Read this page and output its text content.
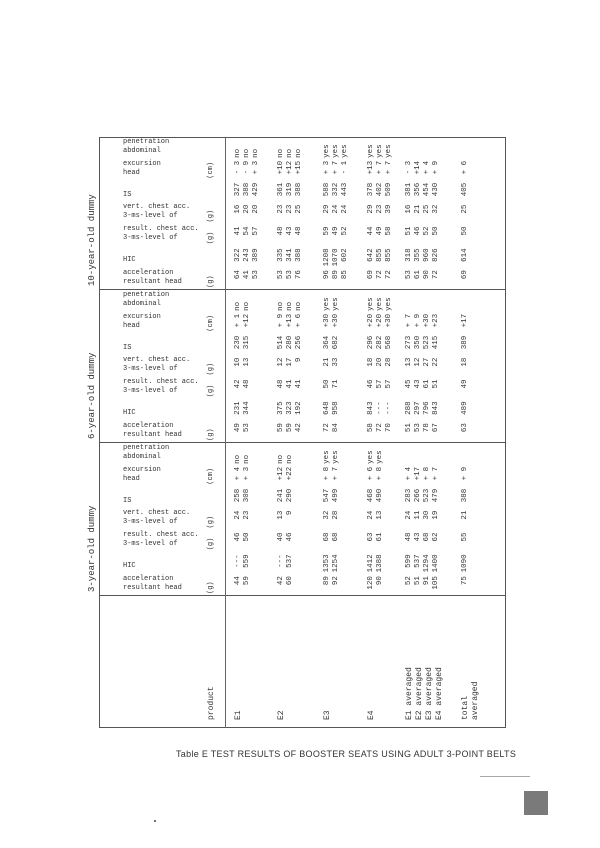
3-year-old dummy
6-year-old dummy
10-year-old dummy
product
(g)
resultant head
acceleration
HIC
(g)
3-ms-level of
result. chest acc.
(g)
3-ms-level of
vert. chest acc.
IS
(cm)
head
excursion
abdominal
penetration
(g)
resultant head
acceleration
HIC
(g)
3-ms-level of
result. chest acc.
(g)
3-ms-level of
vert. chest acc.
IS
(cm)
head
excursion
abdominal
penetration
(g)
resultant head
acceleration
HIC
(g)
3-ms-level of
result. chest acc.
(g)
3-ms-level of
vert. chest acc.
IS
(cm)
head
excursion
abdominal
penetration
E1
44
59
---
559
46
50
24
23
258
308
+ 4
+ 3
no
no
49
53
231
344
42
48
10
13
230
315
+ 1
+12
no
no
64
41
53
322
243
389
41
54
57
16
20
20
327
388
429
- 3
- 9
+ 3
no
no
no
E2
42
60
---
537
40
46
13
9
241
290
+12
+22
no
no
59
59
42
375
323
192
48
41
41
12
17
9
514
280
256
+ 9
+13
+ 6
no
no
no
53
53
76
335
341
388
48
43
48
23
23
25
361
319
388
+10
+12
+15
no
no
no
E3
89
92
1353
1254
68
68
32
28
547
499
+ 8
+ 7
yes
yes
72
84
648
958
50
71
21
33
364
682
+30
+30
yes
yes
96
89
85
1208
1070
602
59
49
52
29
24
24
588
332
443
+ 3
+ 7
- 1
yes
yes
yes
E4
120
90
1412
1388
63
61
24
13
468
490
+ 6
+ 8
yes
yes
58
72
70
843
---
---
46
57
57
18
20
28
296
282
568
+20
+20
+30
yes
yes
yes
69
72
72
642
855
855
44
49
58
29
23
39
378
402
509
+13
+ 7
+ 7
yes
yes
yes
E1 averaged
E2 averaged
E3 averaged
E4 averaged
52
51
91
105
599
537
1294
1400
48
43
68
62
24
11
30
19
283
266
523
479
+ 4
+17
+ 8
+ 7
51
53
78
67
288
297
796
843
45
43
61
51
13
12
27
22
273
350
523
415
+ 7
+ 9
+30
+23
53
61
90
72
318
355
960
826
51
46
52
50
16
21
25
32
381
356
454
430
- 3
+14
+ 4
+ 9
total
averaged
75
1090
55
21
388
+ 9
63
489
49
18
389
+17
69
614
50
25
405
+ 6
Table E TEST RESULTS OF BOOSTER SEATS USING ADULT 3-POINT BELTS
